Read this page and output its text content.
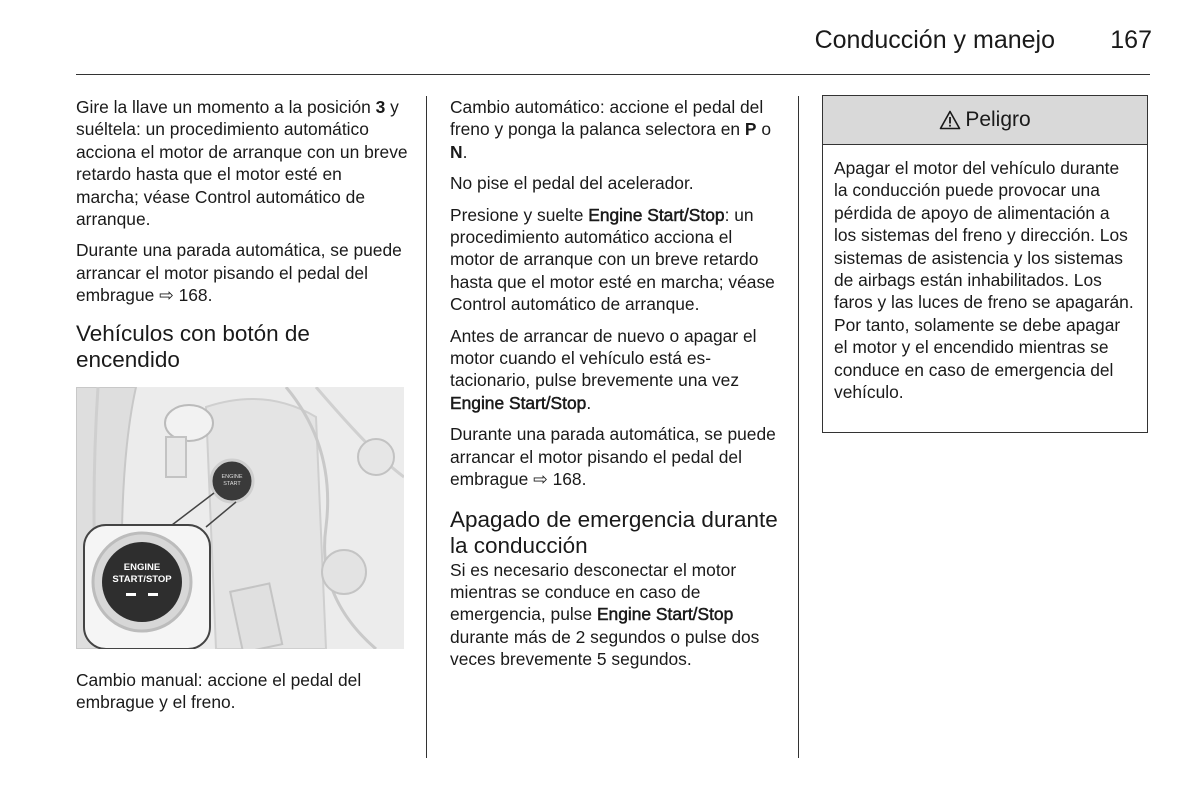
Conducción y manejo 167

Gire la llave un momento a la posición 3 y suéltela: un procedimiento automático acciona el motor de arranque con un breve retardo hasta que el motor esté en marcha; véase Control automático de arranque.

Durante una parada automática, se puede arrancar el motor pisando el pedal del embrague ⇨ 168.

Vehículos con botón de encendido
ENGINE
START
ENGINE
START/STOP

Cambio manual: accione el pedal del embrague y el freno.

Cambio automático: accione el pedal del freno y ponga la palanca selectora en P o N.

No pise el pedal del acelerador.

Presione y suelte Engine Start/Stop: un procedimiento automático acciona el motor de arranque con un breve retardo hasta que el motor esté en marcha; véase Control automático de arranque.

Antes de arrancar de nuevo o apagar el motor cuando el vehículo está estacionario, pulse brevemente una vez Engine Start/Stop.

Durante una parada automática, se puede arrancar el motor pisando el pedal del embrague ⇨ 168.

Apagado de emergencia durante la conducción

Si es necesario desconectar el motor mientras se conduce en caso de emergencia, pulse Engine Start/Stop durante más de 2 segundos o pulse dos veces brevemente 5 segundos.

Peligro
Apagar el motor del vehículo durante la conducción puede provocar una pérdida de apoyo de alimentación a los sistemas del freno y dirección. Los sistemas de asistencia y los sistemas de airbags están inhabilitados. Los faros y las luces de freno se apagarán. Por tanto, solamente se debe apagar el motor y el encendido mientras se conduce en caso de emergencia del vehículo.
